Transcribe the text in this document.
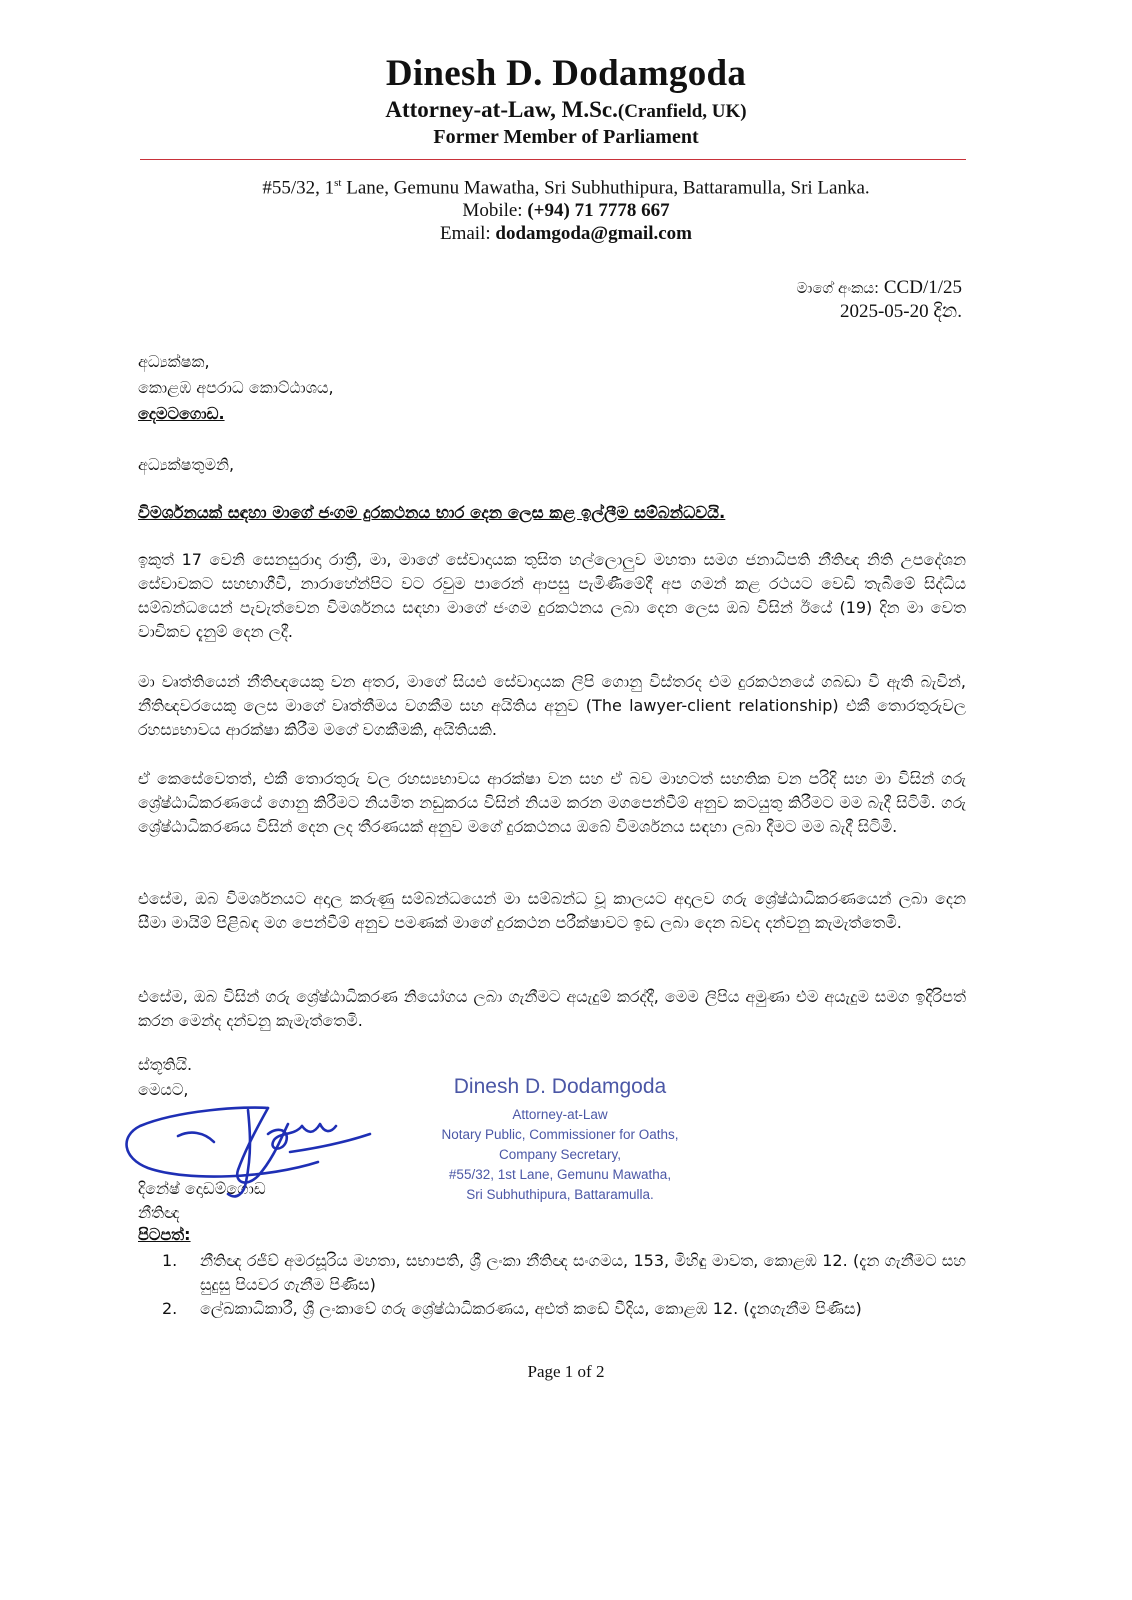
Dinesh D. Dodamgoda
Attorney-at-Law, M.Sc.(Cranfield, UK)
Former Member of Parliament
#55/32, 1st Lane, Gemunu Mawatha, Sri Subhuthipura, Battaramulla, Sri Lanka.
Mobile: (+94) 71 7778 667
Email: dodamgoda@gmail.com
මාගේ අංකය: CCD/1/25
2025-05-20 දින.
අධ්‍යක්ෂක,
කොළඹ අපරාධ කොට්ඨාශය,
දෙමටගොඩ.
අධ්‍යක්ෂතුමනි,
විමර්ශනයක් සඳහා මාගේ ජංගම දුරකථනය භාර දෙන ලෙස කළ ඉල්ලීම සම්බන්ධවයි.
ඉකුත් 17 වෙනි සෙනසුරාදා රාත්‍රී, මා, මාගේ සේවාදායක තුසිත හල්ලොලුව මහතා සමග ජනාධිපති නීතිඥ නිති උපදේශන සේවාවකට සහභාගීවී, නාරාහේන්පිට වට රවුම පාරෙන් ආපසු පැමිණීමේදී අප ගමන් කළ රථයට වෙඩි තැබීමේ සිද්ධිය සම්බන්ධයෙන් පැවැත්වෙන විමර්ශනය සඳහා මාගේ ජංගම දුරකථනය ලබා දෙන ලෙස ඔබ විසින් ඊයේ (19) දින මා වෙත වාචිකව දැනුම් දෙන ලදී.
මා වෘත්තියෙන් නීතිඥයෙකු වන අතර, මාගේ සියළු සේවාදායක ලිපි ගොනු විස්තරද එම දුරකථනයේ ගබඩා වී ඇති බැවින්, නීතිඥවරයෙකු ලෙස මාගේ වෘත්තීමය වගකීම සහ අයිතිය අනුව (The lawyer-client relationship) එකී තොරතුරුවල රහස්‍යභාවය ආරක්ෂා කිරීම මගේ වගකීමකි, අයිතියකි.
ඒ කෙසේවෙතත්, එකී තොරතුරු වල රහස්‍යභාවය ආරක්ෂා වන සහ ඒ බව මාහටත් සහතික වන පරිදි සහ මා විසින් ගරු ශ්‍රේෂ්ඨාධිකරණයේ ගොනු කිරීමට නියමිත නඩුකරය විසින් නියම කරන මගපෙන්වීම් අනුව කටයුතු කිරීමට මම බැදී සිටිමි. ගරු ශ්‍රේෂ්ඨාධිකරණය විසින් දෙන ලද තීරණයක් අනුව මගේ දුරකථනය ඔබේ විමර්ශනය සඳහා ලබා දීමට මම බැදී සිටිමි.
එසේම, ඔබ විමර්ශනයට අදාල කරුණු සම්බන්ධයෙන් මා සම්බන්ධ වූ කාලයට අදාලව ගරු ශ්‍රේෂ්ඨාධිකරණයෙන් ලබා දෙන සීමා මායිම් පිළිබඳ මග පෙන්වීම් අනුව පමණක් මාගේ දුරකථන පරීක්ෂාවට ඉඩ ලබා දෙන බවද දන්වනු කැමැත්තෙමි.
එසේම, ඔබ විසින් ගරු ශ්‍රේෂ්ඨාධිකරණ නියෝගය ලබා ගැනීමට අයැදුම් කරද්දී, මෙම ලිපිය අමුණා එම අයැදුම සමග ඉදිරිපත් කරන මෙන්ද දන්වනු කැමැත්තෙමි.
ස්තූතියි.
මෙයට,	Dinesh D. Dodamgoda
Attorney-at-Law
Notary Public, Commissioner for Oaths,
Company Secretary,
#55/32, 1st Lane, Gemunu Mawatha,
Sri Subhuthipura, Battaramulla.
දිනේෂ් දොඩම්ගොඩ
නීතිඥ
පිටපත්:
1.	නීතිඥ රජීව් අමරසූරිය මහතා, සභාපති, ශ්‍රී ලංකා නීතිඥ සංගමය, 153, මිහිඳු මාවත, කොළඹ 12. (දැන ගැනීමට සහ සුදුසු පියවර ගැනීම පිණිස)
2.	ලේඛකාධිකාරී, ශ්‍රී ලංකාවේ ගරු ශ්‍රේෂ්ඨාධිකරණය, අළුත් කඩේ වීදිය, කොළඹ 12. (දැනගැනීම පිණිස)
Page 1 of 2
